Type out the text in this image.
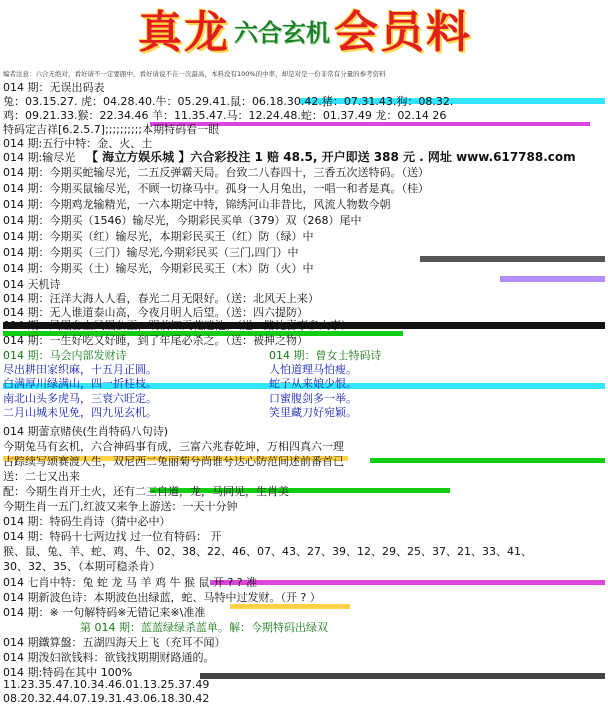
真龙 六合玄机 会员料
编者注意：六合无绝对，看好请不一定要跟中，看好请说不在一次最高，本料没有100%的中率，却是对是一份非常有分量的参考资料
014 期：无误出码表
兔：03.15.27. 虎：04.28.40.牛：05.29.41.鼠：06.18.30.42.猪：07.31.43.狗：08.32.
鸡：09.21.33.猴：22.34.46 羊：11.35.47.马：12.24.48.蛇：01.37.49 龙：02.14 26
特码定吉祥[6.2.5.7];;;;;;;;;;本期特码看一眼
014 期:五行中特：金、火、土
014 期:输尽光 【 海立方娱乐城 】六合彩投注 1 赔 48.5, 开户即送 388 元 . 网址 www.617788.com
014 期：今期买蛇输尽光，二五反弹霸天局。台致二八春四十，三香五次送特码。（送）
014 期：今期买鼠输尽光，不顾一切祿马中。孤身一人月兔出，一唱一和者是真。（桂）
014 期：今期鸡龙输精光，一六本期定中特，锦绣河山非昔比，风流人物数今朝
014 期：今期买（1546）输尽光，今期彩民买单（379）双（268）尾中
014 期：今期买（红）输尽光，本期彩民买王（红）防（绿）中
014 期：今期买（三门）输尽光,今期彩民买（三门,四门）中
014 期：今期买（土）输尽光，今期彩民买王（木）防（火）中
014 天机诗
014 期：汪洋大海人人看，春光二月无限好。（送：北风天上来）
014 期：无人谁道泰山高，今夜月明人后望。（送：四六提防）
014 期：风凰台上凤凰公正，明前知天花迷池。（送：路比喜事多大事）
014 期：一生好吃又好睡，到了年尾必杀之。（送：被抻之物）
014 期：马会内部发财诗	014 期：曾女士特码诗
尽出耕田家织麻，十五月正圆。	人怕道理马怕瘦。
白满厚川绿满山，四一折桂枝。	蛇子从来娘少恨。
南北山头多虎马，三衰六旺定。	口蜜腹剑多一举。
二月山城未见免，四九见玄机。	笑里藏刀好宛颖。
014 期蕾京赌侠(生肖特码八句诗)
今期兔马有玄机，六合神码事有成，三富六兆春乾坤，万相四真六一理
占踪续写颂赛渡人生，双尼西二兔丽菊兮尚谁兮达心防范间述前番首已
送：二七又出来
配：今期生肖开土火，还有二三自道，龙，马同见，生肖美
今期生肖一五门,红波又来争上游送：一天十分钟
014 期：特码生肖诗（猜中必中）
014 期：特码十七两边找 过一位有特码： 开
猴、鼠、兔、羊、蛇、鸡、牛、02、38、22、46、07、43、27、39、12、29、25、37、21、33、41、
30、32、35、（本期可稳杀肯）
014 七肖中特：兔 蛇 龙 马 羊 鸡 牛 猴 鼠 开 ? ? 准
014 期新波色诗：本期波色出绿蓝，蛇、马特中过发财。（开 ? ）
014 期：※ 一句解特码※无错记来※\准准
第 014 期：蓝蓝绿绿杀蓝单。解：今期特码出绿双
014 期鐵算盤：五湖四海天上飞（充耳不闻）
014 期泼妇欲钱料：欲钱找期期财路通的。
014 期:特码在其中 100%
11.23.35.47.10.34.46.01.13.25.37.49
08.20.32.44.07.19.31.43.06.18.30.42
